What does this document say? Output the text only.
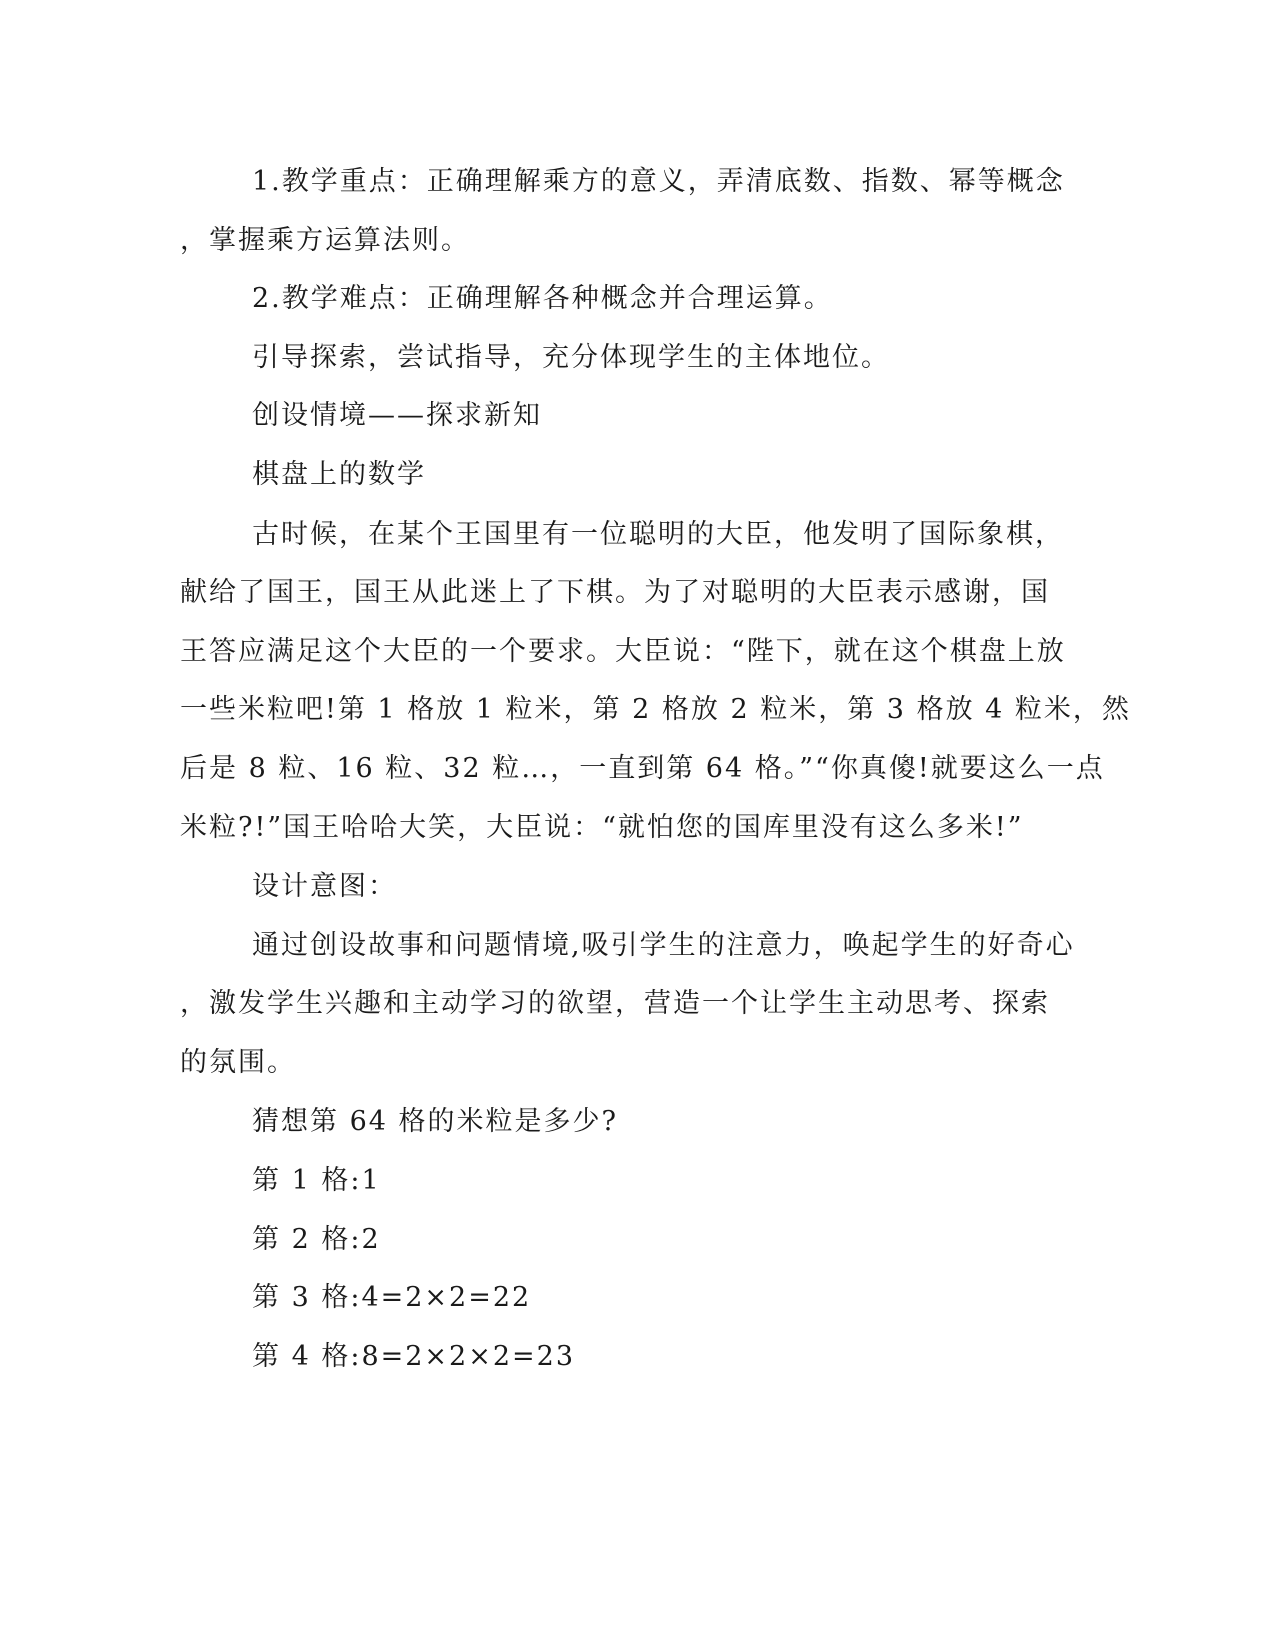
1.教学重点：正确理解乘方的意义，弄清底数、指数、幂等概念
，掌握乘方运算法则。
2.教学难点：正确理解各种概念并合理运算。
引导探索，尝试指导，充分体现学生的主体地位。
创设情境——探求新知
棋盘上的数学
古时候，在某个王国里有一位聪明的大臣，他发明了国际象棋，
献给了国王，国王从此迷上了下棋。为了对聪明的大臣表示感谢，国
王答应满足这个大臣的一个要求。大臣说：“陛下，就在这个棋盘上放
一些米粒吧!第 1 格放 1 粒米，第 2 格放 2 粒米，第 3 格放 4 粒米，然
后是 8 粒、16 粒、32 粒…，一直到第 64 格。”“你真傻!就要这么一点
米粒?!”国王哈哈大笑，大臣说：“就怕您的国库里没有这么多米!”
设计意图：
通过创设故事和问题情境,吸引学生的注意力，唤起学生的好奇心
，激发学生兴趣和主动学习的欲望，营造一个让学生主动思考、探索
的氛围。
猜想第 64 格的米粒是多少?
第 1 格:1
第 2 格:2
第 3 格:4=2×2=22
第 4 格:8=2×2×2=23
